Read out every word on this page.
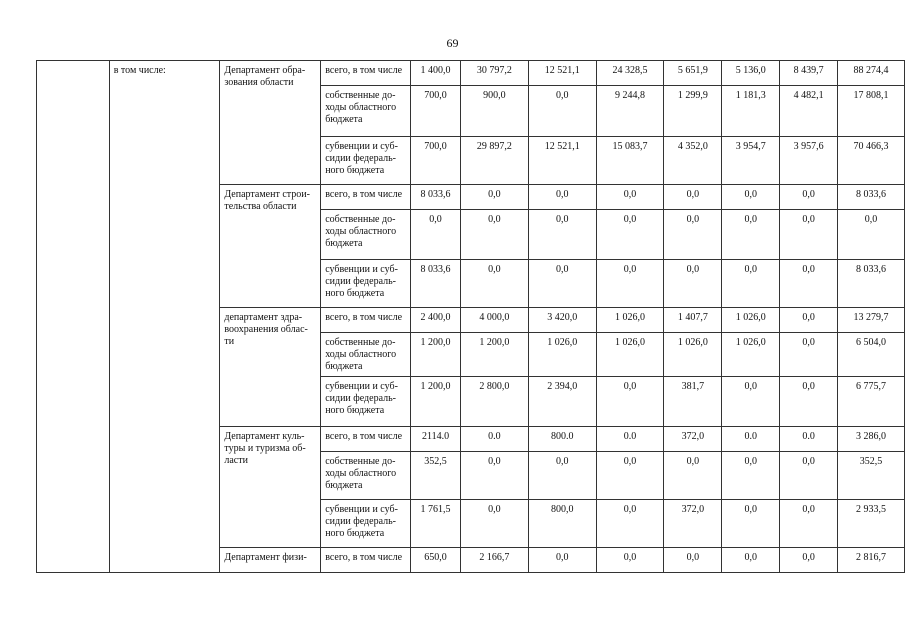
69
	в том числе:	Департамент обра-зования области	всего, в том числе	1 400,0	30 797,2	12 521,1	24 328,5	5 651,9	5 136,0	8 439,7	88 274,4
			собственные до-ходы областного бюджета	700,0	900,0	0,0	9 244,8	1 299,9	1 181,3	4 482,1	17 808,1
			субвенции и суб-сидии федераль-ного бюджета	700,0	29 897,2	12 521,1	15 083,7	4 352,0	3 954,7	3 957,6	70 466,3
		Департамент строи-тельства области	всего, в том числе	8 033,6	0,0	0,0	0,0	0,0	0,0	0,0	8 033,6
			собственные до-ходы областного бюджета	0,0	0,0	0,0	0,0	0,0	0,0	0,0	0,0
			субвенции и суб-сидии федераль-ного бюджета	8 033,6	0,0	0,0	0,0	0,0	0,0	0,0	8 033,6
		департамент здра-воохранения облас-ти	всего, в том числе	2 400,0	4 000,0	3 420,0	1 026,0	1 407,7	1 026,0	0,0	13 279,7
			собственные до-ходы областного бюджета	1 200,0	1 200,0	1 026,0	1 026,0	1 026,0	1 026,0	0,0	6 504,0
			субвенции и суб-сидии федераль-ного бюджета	1 200,0	2 800,0	2 394,0	0,0	381,7	0,0	0,0	6 775,7
		Департамент куль-туры и туризма об-ласти	всего, в том числе	2114.0	0.0	800.0	0.0	372,0	0.0	0.0	3 286,0
			собственные до-ходы областного бюджета	352,5	0,0	0,0	0,0	0,0	0,0	0,0	352,5
			субвенции и суб-сидии федераль-ного бюджета	1 761,5	0,0	800,0	0,0	372,0	0,0	0,0	2 933,5
		Департамент физи-	всего, в том числе	650,0	2 166,7	0,0	0,0	0,0	0,0	0,0	2 816,7
